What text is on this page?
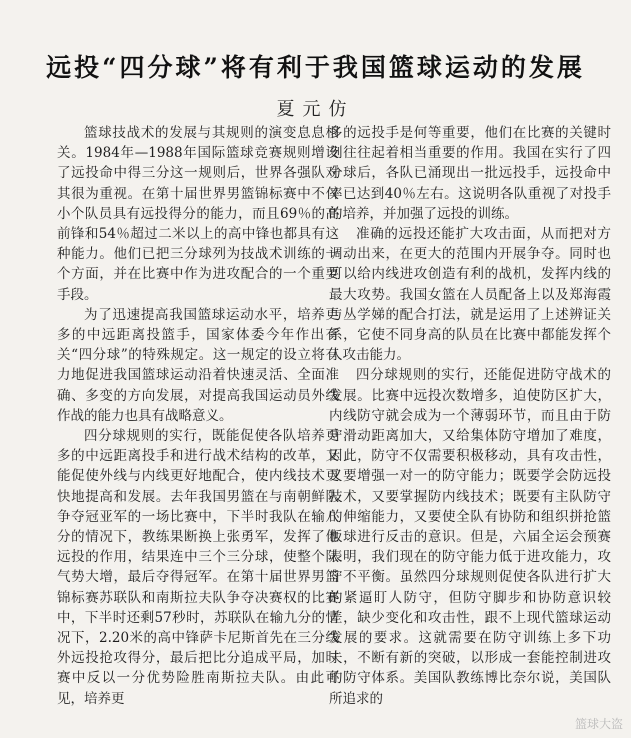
远投“四分球”将有利于我国篮球运动的发展
夏元仿

篮球技战术的发展与其规则的演变息息相关。1984年—1988年国际篮球竞赛规则增设了远投命中得三分这一规则后，世界各强队对其很为重视。在第十届世界男篮锦标赛中不仅小个队员具有远投得分的能力，而且69％的高前锋和54％超过二米以上的高中锋也都具有这种能力。他们已把三分球列为技战术训练的一个方面，并在比赛中作为进攻配合的一个重要手段。

为了迅速提高我国篮球运动水平，培养更多的中远距离投篮手，国家体委今年作出有关“四分球”的特殊规定。这一规定的设立将有力地促进我国篮球运动沿着快速灵活、全面准确、多变的方向发展，对提高我国运动员外线作战的能力也具有战略意义。

四分球规则的实行，既能促使各队培养更多的中远距离投手和进行战术结构的改革，又能促使外线与内线更好地配合，使内线技术更快地提高和发展。去年我国男篮在与南朝鲜队争夺冠亚军的一场比赛中，下半时我队在输八分的情况下，教练果断换上张勇军，发挥了他远投的作用，结果连中三个三分球，使整个队气势大增，最后夺得冠军。在第十届世界男篮锦标赛苏联队和南斯拉夫队争夺决赛权的比赛中，下半时还剩57秒时，苏联队在输九分的情况下，2.20米的高中锋萨卡尼斯首先在三分线外远投抢攻得分，最后把比分追成平局，加时赛中反以一分优势险胜南斯拉夫队。由此可见，培养更

多的远投手是何等重要，他们在比赛的关键时刻往往起着相当重要的作用。我国在实行了四分球后，各队已涌现出一批远投手，远投命中率已达到40％左右。这说明各队重视了对投手的培养，并加强了远投的训练。

准确的远投还能扩大攻击面，从而把对方调动出来，在更大的范围内开展争夺。同时也可以给内线进攻创造有利的战机，发挥内线的最大攻势。我国女篮在人员配备上以及郑海霞与丛学娣的配合打法，就是运用了上述辨证关系，它使不同身高的队员在比赛中都能发挥个人攻击能力。

四分球规则的实行，还能促进防守战术的发展。比赛中远投次数增多，迫使防区扩大，内线防守就会成为一个薄弱环节，而且由于防守滑动距离加大，又给集体防守增加了难度，因此，防守不仅需要积极移动，具有攻击性，又要增强一对一的防守能力；既要学会防远投技术，又要掌握防内线技术；既要有主队防守的伸缩能力，又要使全队有协防和组织拼抢篮板球进行反击的意识。但是，六届全运会预赛表明，我们现在的防守能力低于进攻能力，攻守不平衡。虽然四分球规则促使各队进行扩大的紧逼盯人防守，但防守脚步和协防意识较差，缺少变化和攻击性，跟不上现代篮球运动发展的要求。这就需要在防守训练上多下功夫，不断有新的突破，以形成一套能控制进攻的防守体系。美国队教练博比奈尔说，美国队所追求的

篮球大盗
